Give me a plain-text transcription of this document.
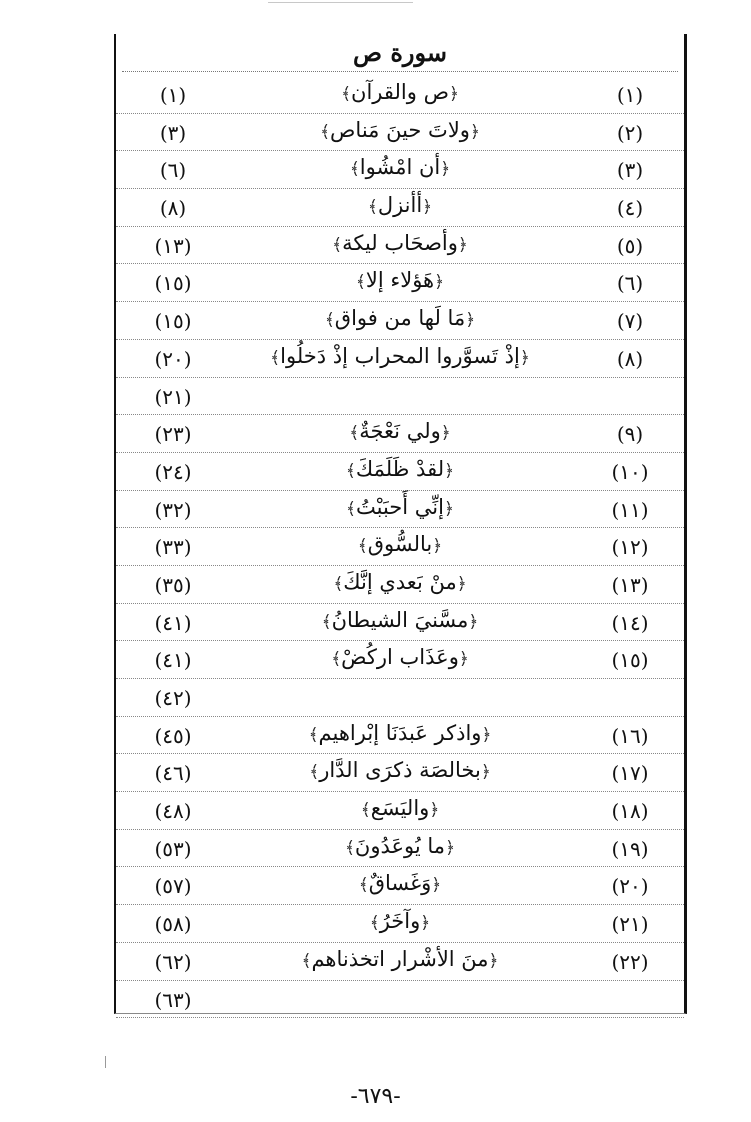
سورة ص
(١)
﴿ص والقرآن﴾
(١)
(٢)
﴿ولاتَ حينَ مَناص﴾
(٣)
(٣)
﴿أن امْشُوا﴾
(٦)
(٤)
﴿أأنزل﴾
(٨)
(٥)
﴿وأصحَاب ليكة﴾
(١٣)
(٦)
﴿هَؤلاء إلا﴾
(١٥)
(٧)
﴿مَا لَها من فواق﴾
(١٥)
(٨)
﴿إذْ تَسوَّروا المحراب إذْ دَخلُوا﴾
(٢٠)
(٢١)
(٩)
﴿ولي نَعْجَةٌ﴾
(٢٣)
(١٠)
﴿لقدْ ظَلَمَكَ﴾
(٢٤)
(١١)
﴿إنِّي أَحبَبْتُ﴾
(٣٢)
(١٢)
﴿بالسُّوق﴾
(٣٣)
(١٣)
﴿منْ بَعدي إنَّكَ﴾
(٣٥)
(١٤)
﴿مسَّنيَ الشيطانُ﴾
(٤١)
(١٥)
﴿وعَذَاب اركُضْ﴾
(٤١)
(٤٢)
(١٦)
﴿واذكر عَبدَنَا إبْراهيم﴾
(٤٥)
(١٧)
﴿بخالصَة ذكرَى الدَّار﴾
(٤٦)
(١٨)
﴿واليَسَع﴾
(٤٨)
(١٩)
﴿ما يُوعَدُونَ﴾
(٥٣)
(٢٠)
﴿وَغَساقٌ﴾
(٥٧)
(٢١)
﴿وآخَرُ﴾
(٥٨)
(٢٢)
﴿منَ الأشْرار اتخذناهم﴾
(٦٢)
(٦٣)
-٦٧٩-
